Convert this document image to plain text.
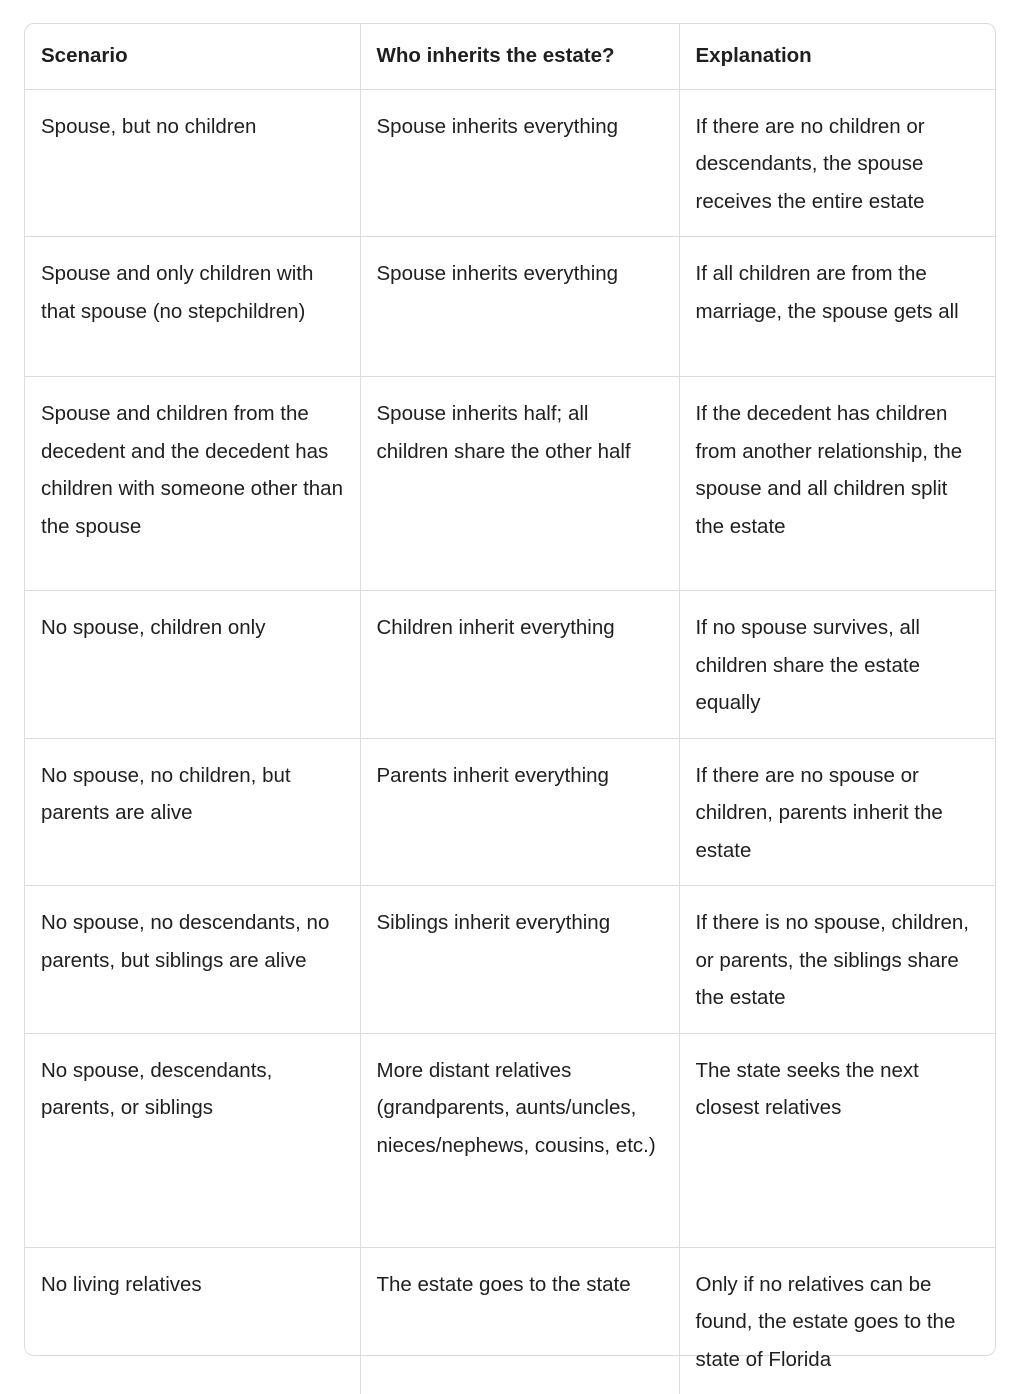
Scenario	Who inherits the estate?	Explanation
Spouse, but no children	Spouse inherits everything	If there are no children or descendants, the spouse receives the entire estate
Spouse and only children with that spouse (no stepchildren)	Spouse inherits everything	If all children are from the marriage, the spouse gets all
Spouse and children from the decedent and the decedent has children with someone other than the spouse	Spouse inherits half; all children share the other half	If the decedent has children from another relationship, the spouse and all children split the estate
No spouse, children only	Children inherit everything	If no spouse survives, all children share the estate equally
No spouse, no children, but parents are alive	Parents inherit everything	If there are no spouse or children, parents inherit the estate
No spouse, no descendants, no parents, but siblings are alive	Siblings inherit everything	If there is no spouse, children, or parents, the siblings share the estate
No spouse, descendants, parents, or siblings	More distant relatives (grandparents, aunts/uncles, nieces/nephews, cousins, etc.)	The state seeks the next closest relatives
No living relatives	The estate goes to the state	Only if no relatives can be found, the estate goes to the state of Florida
